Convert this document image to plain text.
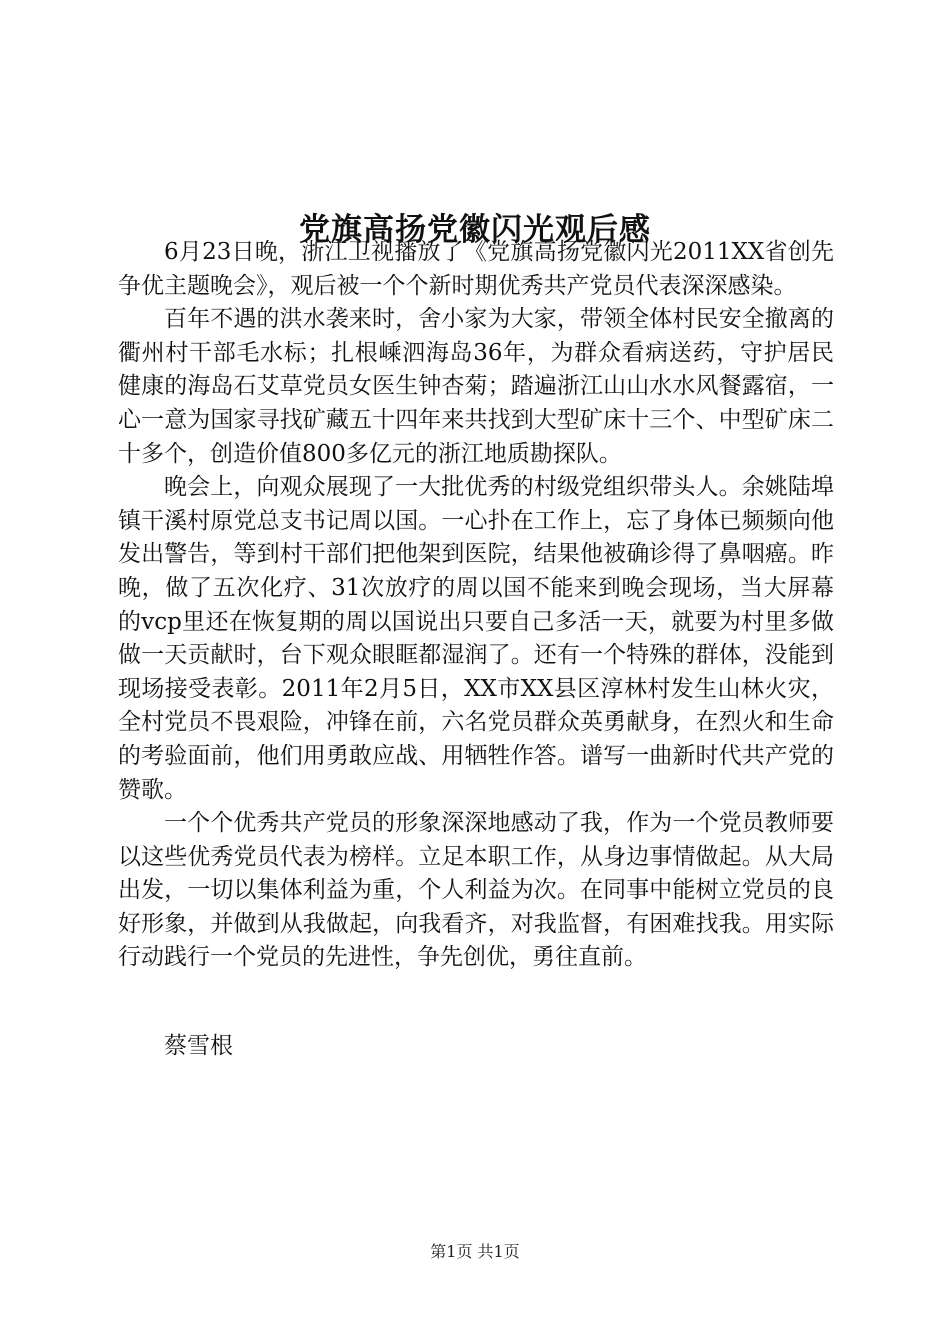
党旗高扬党徽闪光观后感

6月23日晚，浙江卫视播放了《党旗高扬党徽闪光2011XX省创先争优主题晚会》，观后被一个个新时期优秀共产党员代表深深感染。

百年不遇的洪水袭来时，舍小家为大家，带领全体村民安全撤离的衢州村干部毛水标；扎根嵊泗海岛36年，为群众看病送药，守护居民健康的海岛石艾草党员女医生钟杏菊；踏遍浙江山山水水风餐露宿，一心一意为国家寻找矿藏五十四年来共找到大型矿床十三个、中型矿床二十多个，创造价值800多亿元的浙江地质勘探队。

晚会上，向观众展现了一大批优秀的村级党组织带头人。余姚陆埠镇干溪村原党总支书记周以国。一心扑在工作上，忘了身体已频频向他发出警告，等到村干部们把他架到医院，结果他被确诊得了鼻咽癌。昨晚，做了五次化疗、31次放疗的周以国不能来到晚会现场，当大屏幕的vcp里还在恢复期的周以国说出只要自己多活一天，就要为村里多做做一天贡献时，台下观众眼眶都湿润了。还有一个特殊的群体，没能到现场接受表彰。2011年2月5日，XX市XX县区淳林村发生山林火灾，全村党员不畏艰险，冲锋在前，六名党员群众英勇献身，在烈火和生命的考验面前，他们用勇敢应战、用牺牲作答。谱写一曲新时代共产党的赞歌。

一个个优秀共产党员的形象深深地感动了我，作为一个党员教师要以这些优秀党员代表为榜样。立足本职工作，从身边事情做起。从大局出发，一切以集体利益为重，个人利益为次。在同事中能树立党员的良好形象，并做到从我做起，向我看齐，对我监督，有困难找我。用实际行动践行一个党员的先进性，争先创优，勇往直前。

蔡雪根
第1页 共1页
